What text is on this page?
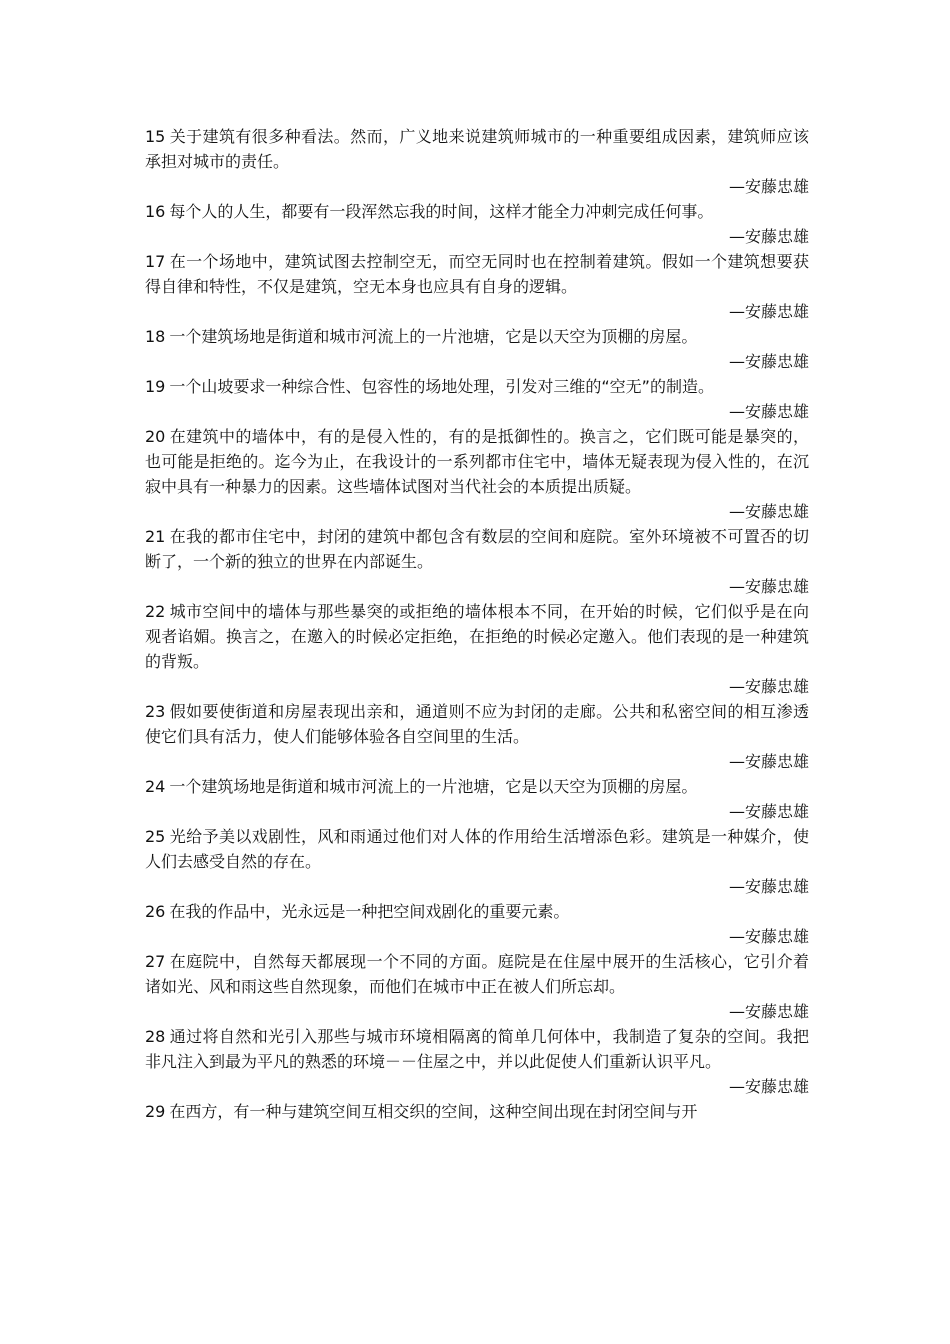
15 关于建筑有很多种看法。然而，广义地来说建筑师城市的一种重要组成因素，建筑师应该承担对城市的责任。

—安藤忠雄

16 每个人的人生，都要有一段浑然忘我的时间，这样才能全力冲刺完成任何事。

—安藤忠雄

17 在一个场地中，建筑试图去控制空无，而空无同时也在控制着建筑。假如一个建筑想要获得自律和特性，不仅是建筑，空无本身也应具有自身的逻辑。

—安藤忠雄

18 一个建筑场地是街道和城市河流上的一片池塘，它是以天空为顶棚的房屋。

—安藤忠雄

19 一个山坡要求一种综合性、包容性的场地处理，引发对三维的“空无”的制造。

—安藤忠雄

20 在建筑中的墙体中，有的是侵入性的，有的是抵御性的。换言之，它们既可能是暴突的，也可能是拒绝的。迄今为止，在我设计的一系列都市住宅中，墙体无疑表现为侵入性的，在沉寂中具有一种暴力的因素。这些墙体试图对当代社会的本质提出质疑。

—安藤忠雄

21 在我的都市住宅中，封闭的建筑中都包含有数层的空间和庭院。室外环境被不可置否的切断了，一个新的独立的世界在内部诞生。

—安藤忠雄

22 城市空间中的墙体与那些暴突的或拒绝的墙体根本不同，在开始的时候，它们似乎是在向观者谄媚。换言之，在邀入的时候必定拒绝，在拒绝的时候必定邀入。他们表现的是一种建筑的背叛。

—安藤忠雄

23 假如要使街道和房屋表现出亲和，通道则不应为封闭的走廊。公共和私密空间的相互渗透使它们具有活力，使人们能够体验各自空间里的生活。

—安藤忠雄

24 一个建筑场地是街道和城市河流上的一片池塘，它是以天空为顶棚的房屋。

—安藤忠雄

25 光给予美以戏剧性，风和雨通过他们对人体的作用给生活增添色彩。建筑是一种媒介，使人们去感受自然的存在。

—安藤忠雄

26 在我的作品中，光永远是一种把空间戏剧化的重要元素。

—安藤忠雄

27 在庭院中，自然每天都展现一个不同的方面。庭院是在住屋中展开的生活核心，它引介着诸如光、风和雨这些自然现象，而他们在城市中正在被人们所忘却。

—安藤忠雄

28 通过将自然和光引入那些与城市环境相隔离的简单几何体中，我制造了复杂的空间。我把非凡注入到最为平凡的熟悉的环境－－住屋之中，并以此促使人们重新认识平凡。

—安藤忠雄

29 在西方，有一种与建筑空间互相交织的空间，这种空间出现在封闭空间与开
